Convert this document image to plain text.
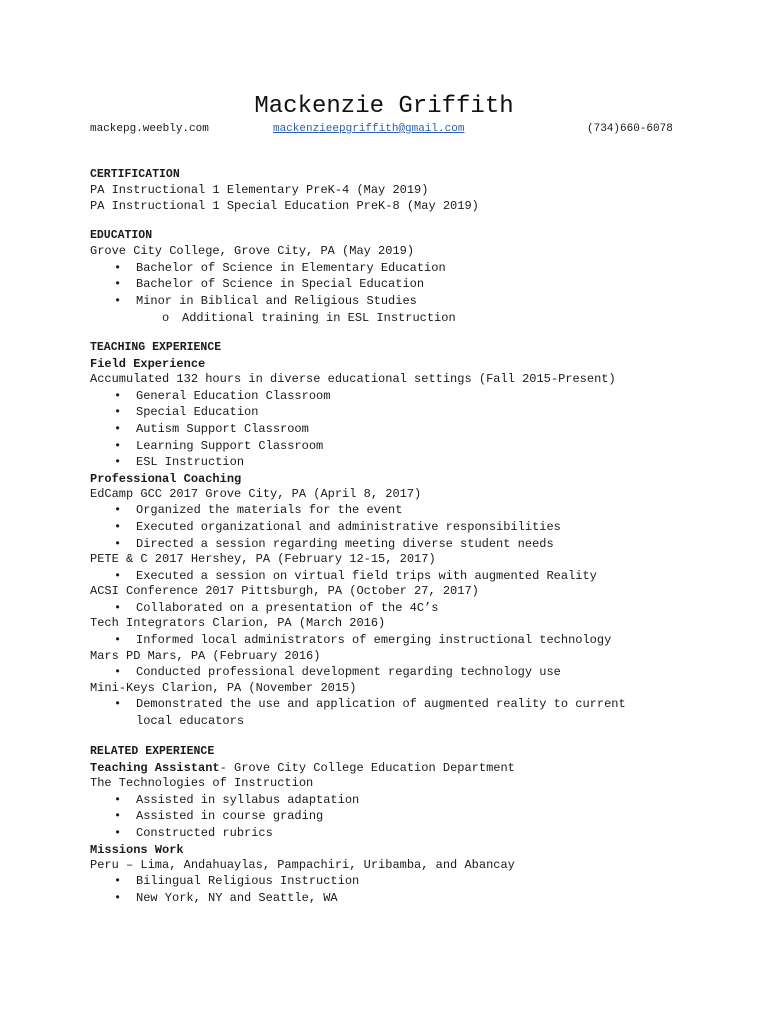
Mackenzie Griffith
mackepg.weebly.com	mackenzieepgriffith@gmail.com	(734)660-6078
CERTIFICATION
PA Instructional 1 Elementary PreK-4 (May 2019)
PA Instructional 1 Special Education PreK-8 (May 2019)
EDUCATION
Grove City College, Grove City, PA (May 2019)
• Bachelor of Science in Elementary Education
• Bachelor of Science in Special Education
• Minor in Biblical and Religious Studies
o Additional training in ESL Instruction
TEACHING EXPERIENCE
Field Experience
Accumulated 132 hours in diverse educational settings (Fall 2015-Present)
• General Education Classroom
• Special Education
• Autism Support Classroom
• Learning Support Classroom
• ESL Instruction
Professional Coaching
EdCamp GCC 2017 Grove City, PA (April 8, 2017)
• Organized the materials for the event
• Executed organizational and administrative responsibilities
• Directed a session regarding meeting diverse student needs
PETE & C 2017 Hershey, PA (February 12-15, 2017)
• Executed a session on virtual field trips with augmented Reality
ACSI Conference 2017 Pittsburgh, PA (October 27, 2017)
• Collaborated on a presentation of the 4C’s
Tech Integrators Clarion, PA (March 2016)
• Informed local administrators of emerging instructional technology
Mars PD Mars, PA (February 2016)
• Conducted professional development regarding technology use
Mini-Keys Clarion, PA (November 2015)
• Demonstrated the use and application of augmented reality to current local educators
RELATED EXPERIENCE
Teaching Assistant- Grove City College Education Department
The Technologies of Instruction
• Assisted in syllabus adaptation
• Assisted in course grading
• Constructed rubrics
Missions Work
Peru – Lima, Andahuaylas, Pampachiri, Uribamba, and Abancay
• Bilingual Religious Instruction
• New York, NY and Seattle, WA
